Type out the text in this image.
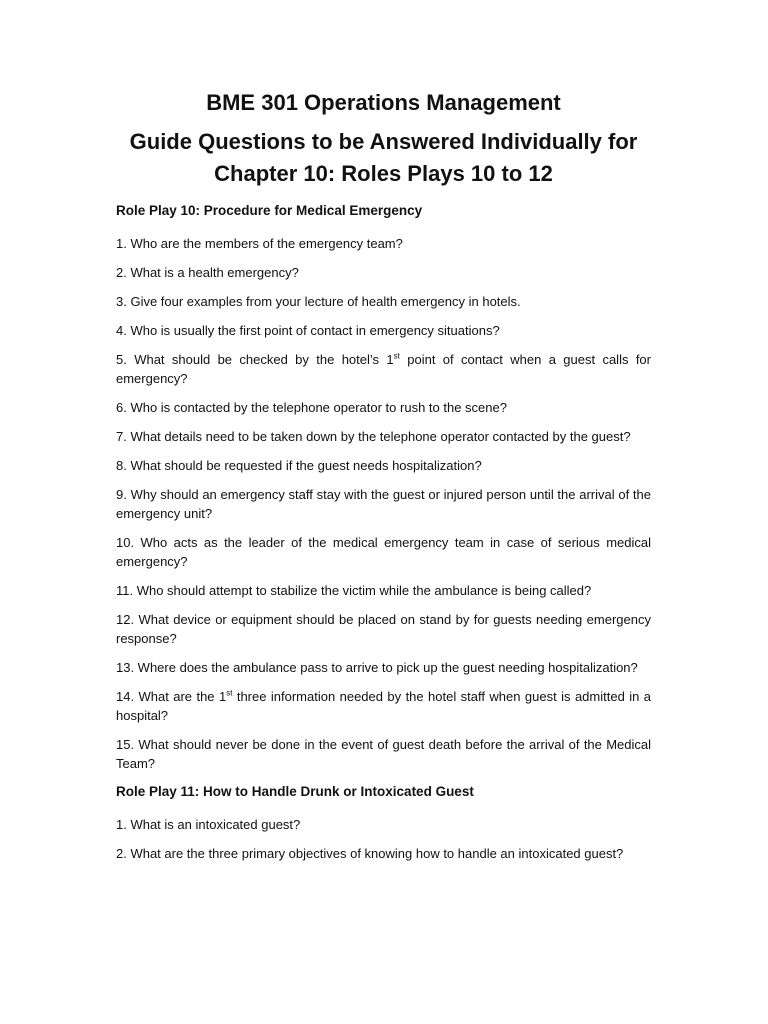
BME 301 Operations Management
Guide Questions to be Answered Individually for
Chapter 10: Roles Plays 10 to 12
Role Play 10: Procedure for Medical Emergency

1. Who are the members of the emergency team?

2. What is a health emergency?

3. Give four examples from your lecture of health emergency in hotels.

4. Who is usually the first point of contact in emergency situations?

5. What should be checked by the hotel’s 1st point of contact when a guest calls for emergency?

6. Who is contacted by the telephone operator to rush to the scene?

7. What details need to be taken down by the telephone operator contacted by the guest?

8. What should be requested if the guest needs hospitalization?

9. Why should an emergency staff stay with the guest or injured person until the arrival of the emergency unit?

10. Who acts as the leader of the medical emergency team in case of serious medical emergency?

11. Who should attempt to stabilize the victim while the ambulance is being called?

12. What device or equipment should be placed on stand by for guests needing emergency response?

13. Where does the ambulance pass to arrive to pick up the guest needing hospitalization?

14. What are the 1st three information needed by the hotel staff when guest is admitted in a hospital?

15. What should never be done in the event of guest death before the arrival of the Medical Team?

Role Play 11: How to Handle Drunk or Intoxicated Guest

1. What is an intoxicated guest?

2. What are the three primary objectives of knowing how to handle an intoxicated guest?
